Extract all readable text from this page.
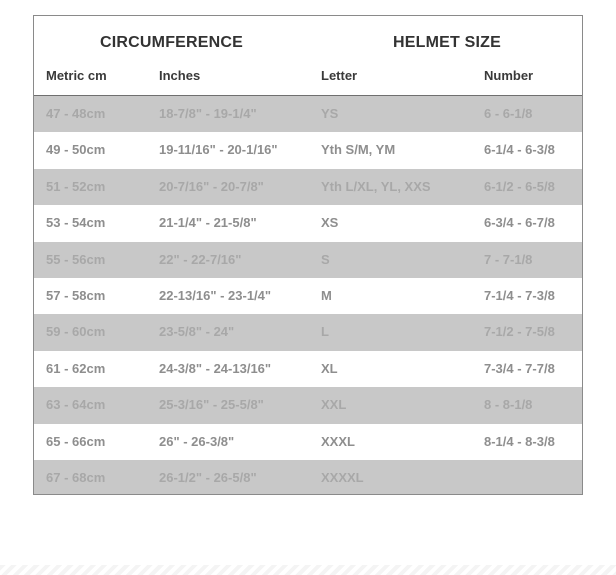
CIRCUMFERENCE	HELMET SIZE
Metric cm	Inches	Letter	Number
47 - 48cm	18-7/8" - 19-1/4"	YS	6 - 6-1/8
49 - 50cm	19-11/16" - 20-1/16"	Yth S/M, YM	6-1/4 - 6-3/8
51 - 52cm	20-7/16" - 20-7/8"	Yth L/XL, YL, XXS	6-1/2 - 6-5/8
53 - 54cm	21-1/4" - 21-5/8"	XS	6-3/4 - 6-7/8
55 - 56cm	22" - 22-7/16"	S	7 - 7-1/8
57 - 58cm	22-13/16" - 23-1/4"	M	7-1/4 - 7-3/8
59 - 60cm	23-5/8" - 24"	L	7-1/2 - 7-5/8
61 - 62cm	24-3/8" - 24-13/16"	XL	7-3/4 - 7-7/8
63 - 64cm	25-3/16" - 25-5/8"	XXL	8 - 8-1/8
65 - 66cm	26" - 26-3/8"	XXXL	8-1/4 - 8-3/8
67 - 68cm	26-1/2" - 26-5/8"	XXXXL
